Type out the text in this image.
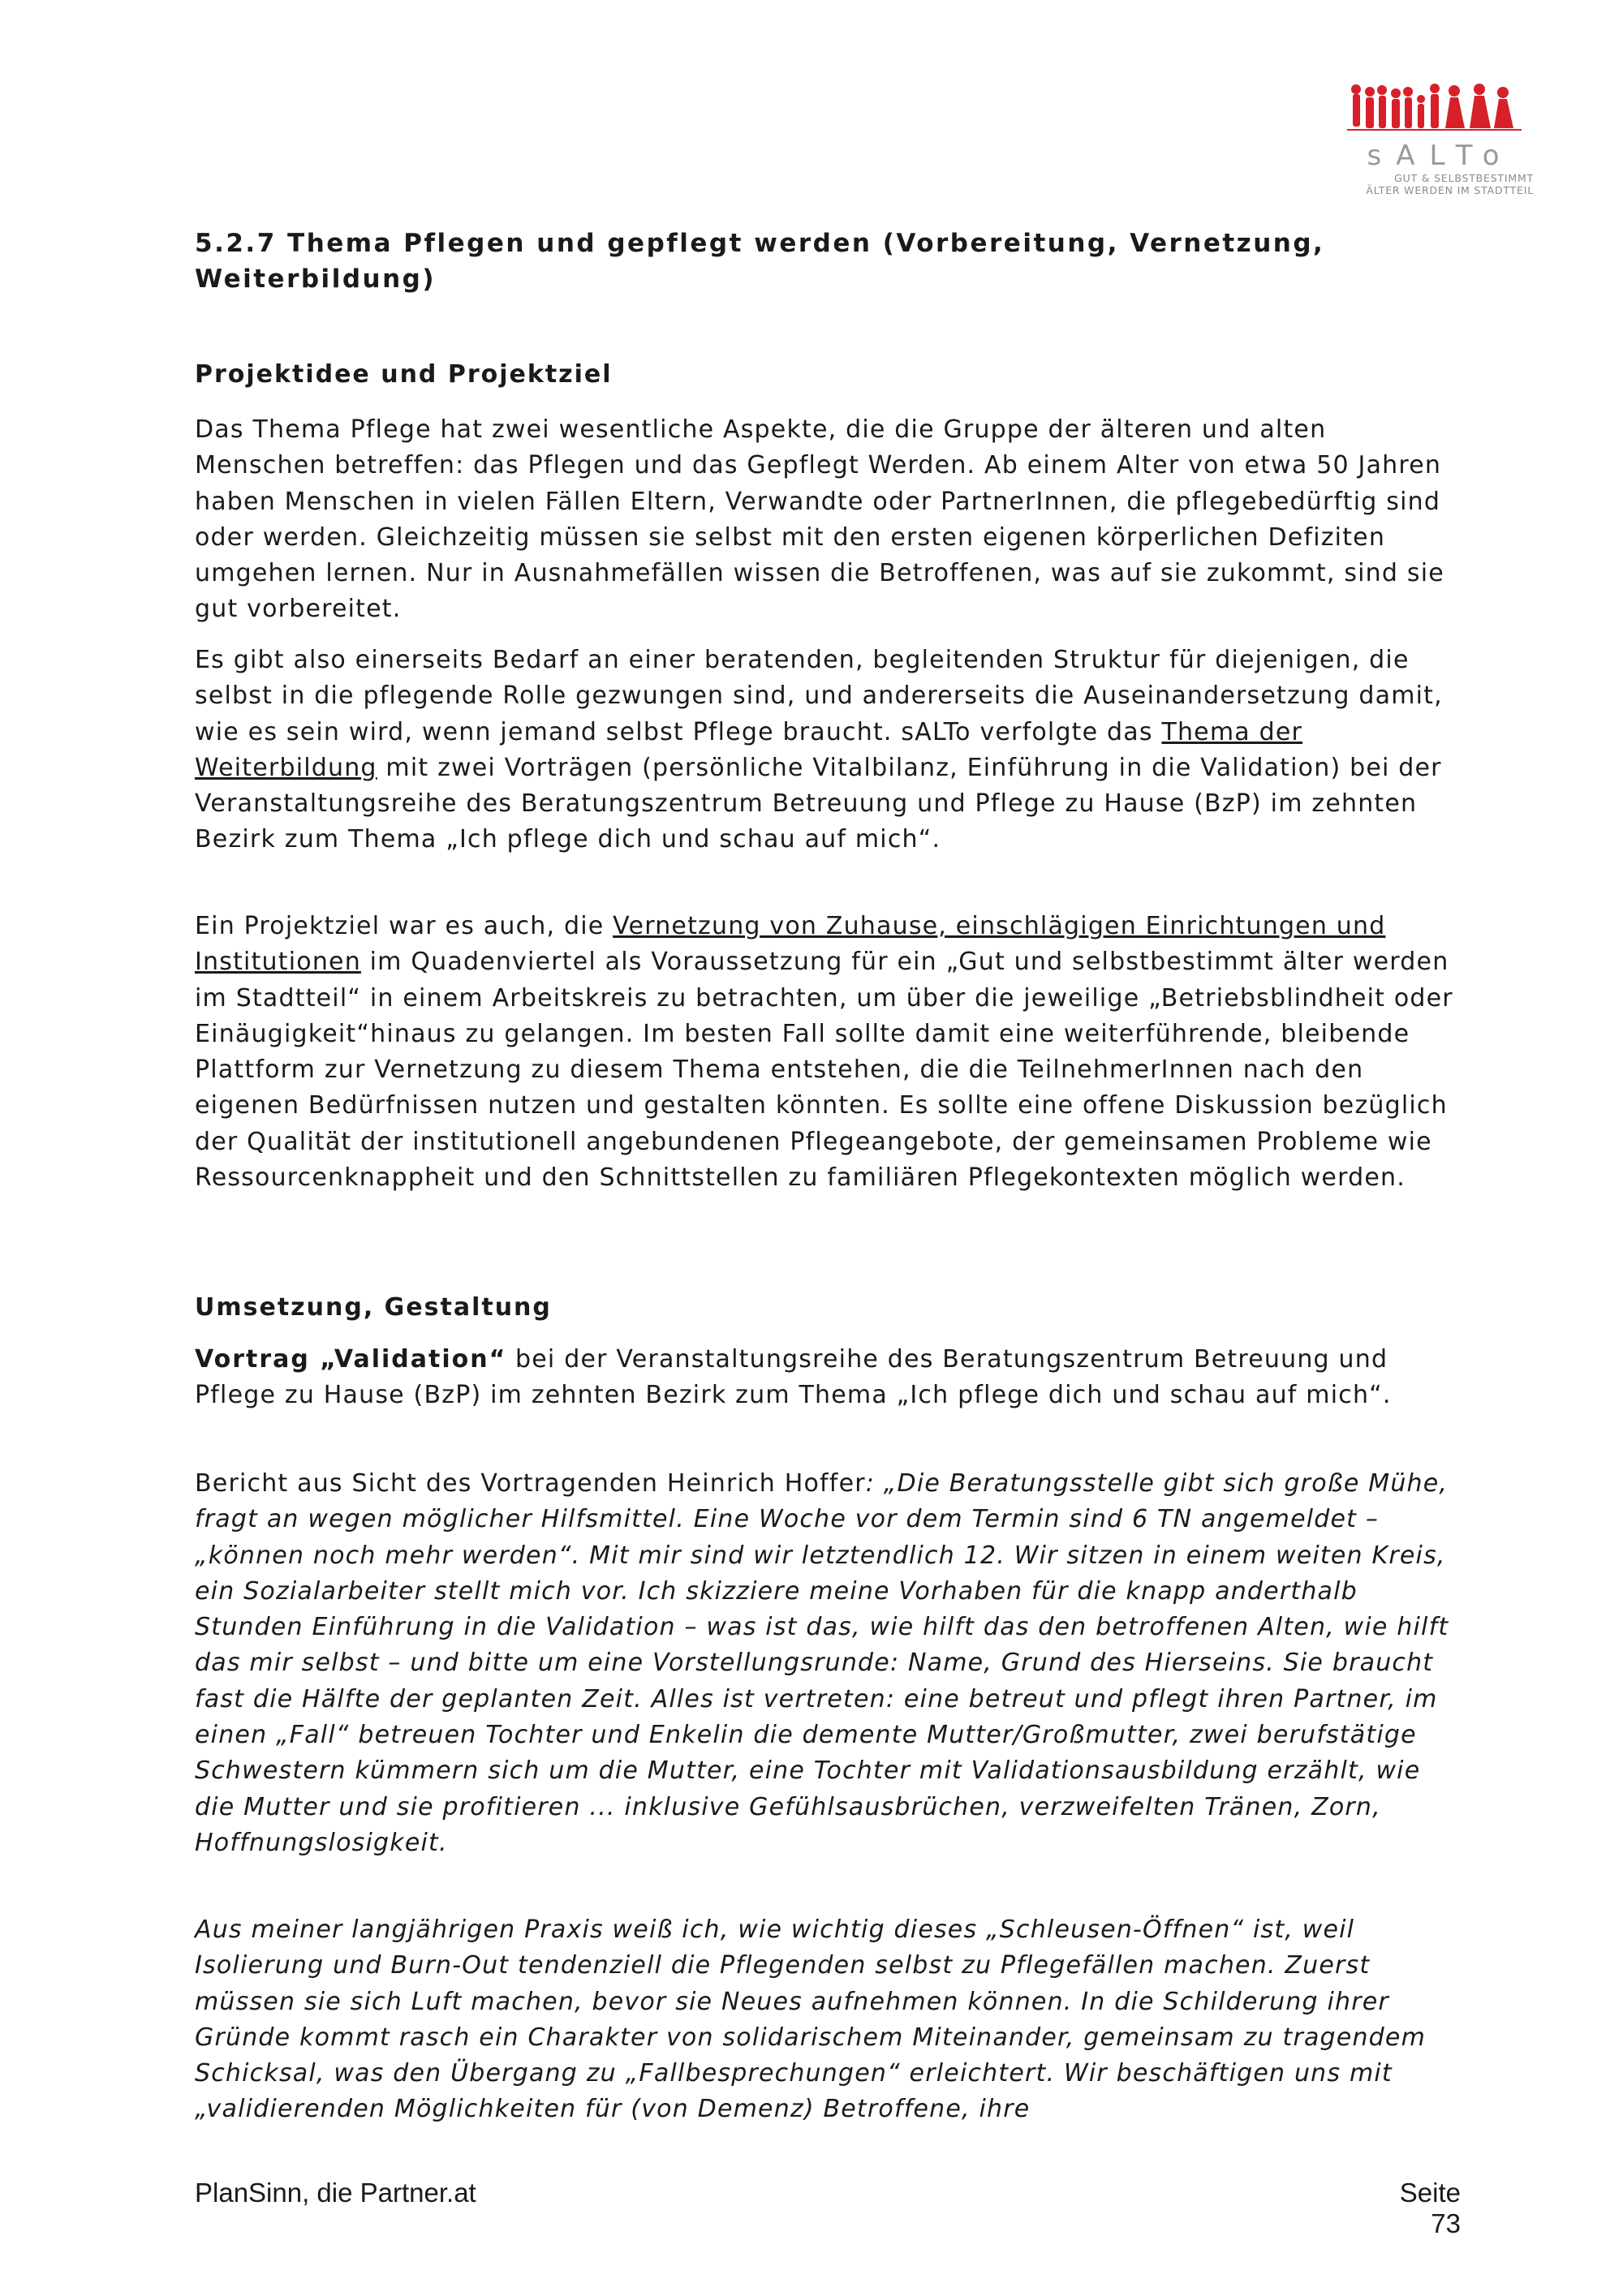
sALTo
GUT & SELBSTBESTIMMT
ÄLTER WERDEN IM STADTTEIL
5.2.7 Thema Pflegen und gepflegt werden (Vorbereitung, Vernetzung,
Weiterbildung)
Projektidee und Projektziel

Das Thema Pflege hat zwei wesentliche Aspekte, die die Gruppe der älteren und alten Menschen betreffen: das Pflegen und das Gepflegt Werden. Ab einem Alter von etwa 50 Jahren haben Menschen in vielen Fällen Eltern, Verwandte oder PartnerInnen, die pflegebedürftig sind oder werden. Gleichzeitig müssen sie selbst mit den ersten eigenen körperlichen Defiziten umgehen lernen. Nur in Ausnahmefällen wissen die Betroffenen, was auf sie zukommt, sind sie gut vorbereitet.

Es gibt also einerseits Bedarf an einer beratenden, begleitenden Struktur für diejenigen, die selbst in die pflegende Rolle gezwungen sind, und andererseits die Auseinandersetzung damit, wie es sein wird, wenn jemand selbst Pflege braucht. sALTo verfolgte das Thema der Weiterbildung mit zwei Vorträgen (persönliche Vitalbilanz, Einführung in die Validation) bei der Veranstaltungsreihe des Beratungszentrum Betreuung und Pflege zu Hause (BzP) im zehnten Bezirk zum Thema „Ich pflege dich und schau auf mich“.

Ein Projektziel war es auch, die Vernetzung von Zuhause, einschlägigen Einrichtungen und Institutionen im Quadenviertel als Voraussetzung für ein „Gut und selbstbestimmt älter werden im Stadtteil“ in einem Arbeitskreis zu betrachten, um über die jeweilige „Betriebsblindheit oder Einäugigkeit“hinaus zu gelangen. Im besten Fall sollte damit eine weiterführende, bleibende Plattform zur Vernetzung zu diesem Thema entstehen, die die TeilnehmerInnen nach den eigenen Bedürfnissen nutzen und gestalten könnten. Es sollte eine offene Diskussion bezüglich der Qualität der institutionell angebundenen Pflegeangebote, der gemeinsamen Probleme wie Ressourcenknappheit und den Schnittstellen zu familiären Pflegekontexten möglich werden.

Umsetzung, Gestaltung

Vortrag „Validation“ bei der Veranstaltungsreihe des Beratungszentrum Betreuung und Pflege zu Hause (BzP) im zehnten Bezirk zum Thema „Ich pflege dich und schau auf mich“.

Bericht aus Sicht des Vortragenden Heinrich Hoffer: „Die Beratungsstelle gibt sich große Mühe, fragt an wegen möglicher Hilfsmittel. Eine Woche vor dem Termin sind 6 TN angemeldet – „können noch mehr werden“. Mit mir sind wir letztendlich 12. Wir sitzen in einem weiten Kreis, ein Sozialarbeiter stellt mich vor. Ich skizziere meine Vorhaben für die knapp anderthalb Stunden Einführung in die Validation – was ist das, wie hilft das den betroffenen Alten, wie hilft das mir selbst – und bitte um eine Vorstellungsrunde: Name, Grund des Hierseins. Sie braucht fast die Hälfte der geplanten Zeit. Alles ist vertreten: eine betreut und pflegt ihren Partner, im einen „Fall“ betreuen Tochter und Enkelin die demente Mutter/Großmutter, zwei berufstätige Schwestern kümmern sich um die Mutter, eine Tochter mit Validationsausbildung erzählt, wie die Mutter und sie profitieren ... inklusive Gefühlsausbrüchen, verzweifelten Tränen, Zorn, Hoffnungslosigkeit.

Aus meiner langjährigen Praxis weiß ich, wie wichtig dieses „Schleusen-Öffnen“ ist, weil Isolierung und Burn-Out tendenziell die Pflegenden selbst zu Pflegefällen machen. Zuerst müssen sie sich Luft machen, bevor sie Neues aufnehmen können. In die Schilderung ihrer Gründe kommt rasch ein Charakter von solidarischem Miteinander, gemeinsam zu tragendem Schicksal, was den Übergang zu „Fallbesprechungen“ erleichtert. Wir beschäftigen uns mit „validierenden Möglichkeiten für (von Demenz) Betroffene, ihre

PlanSinn, die Partner.at	Seite 73
